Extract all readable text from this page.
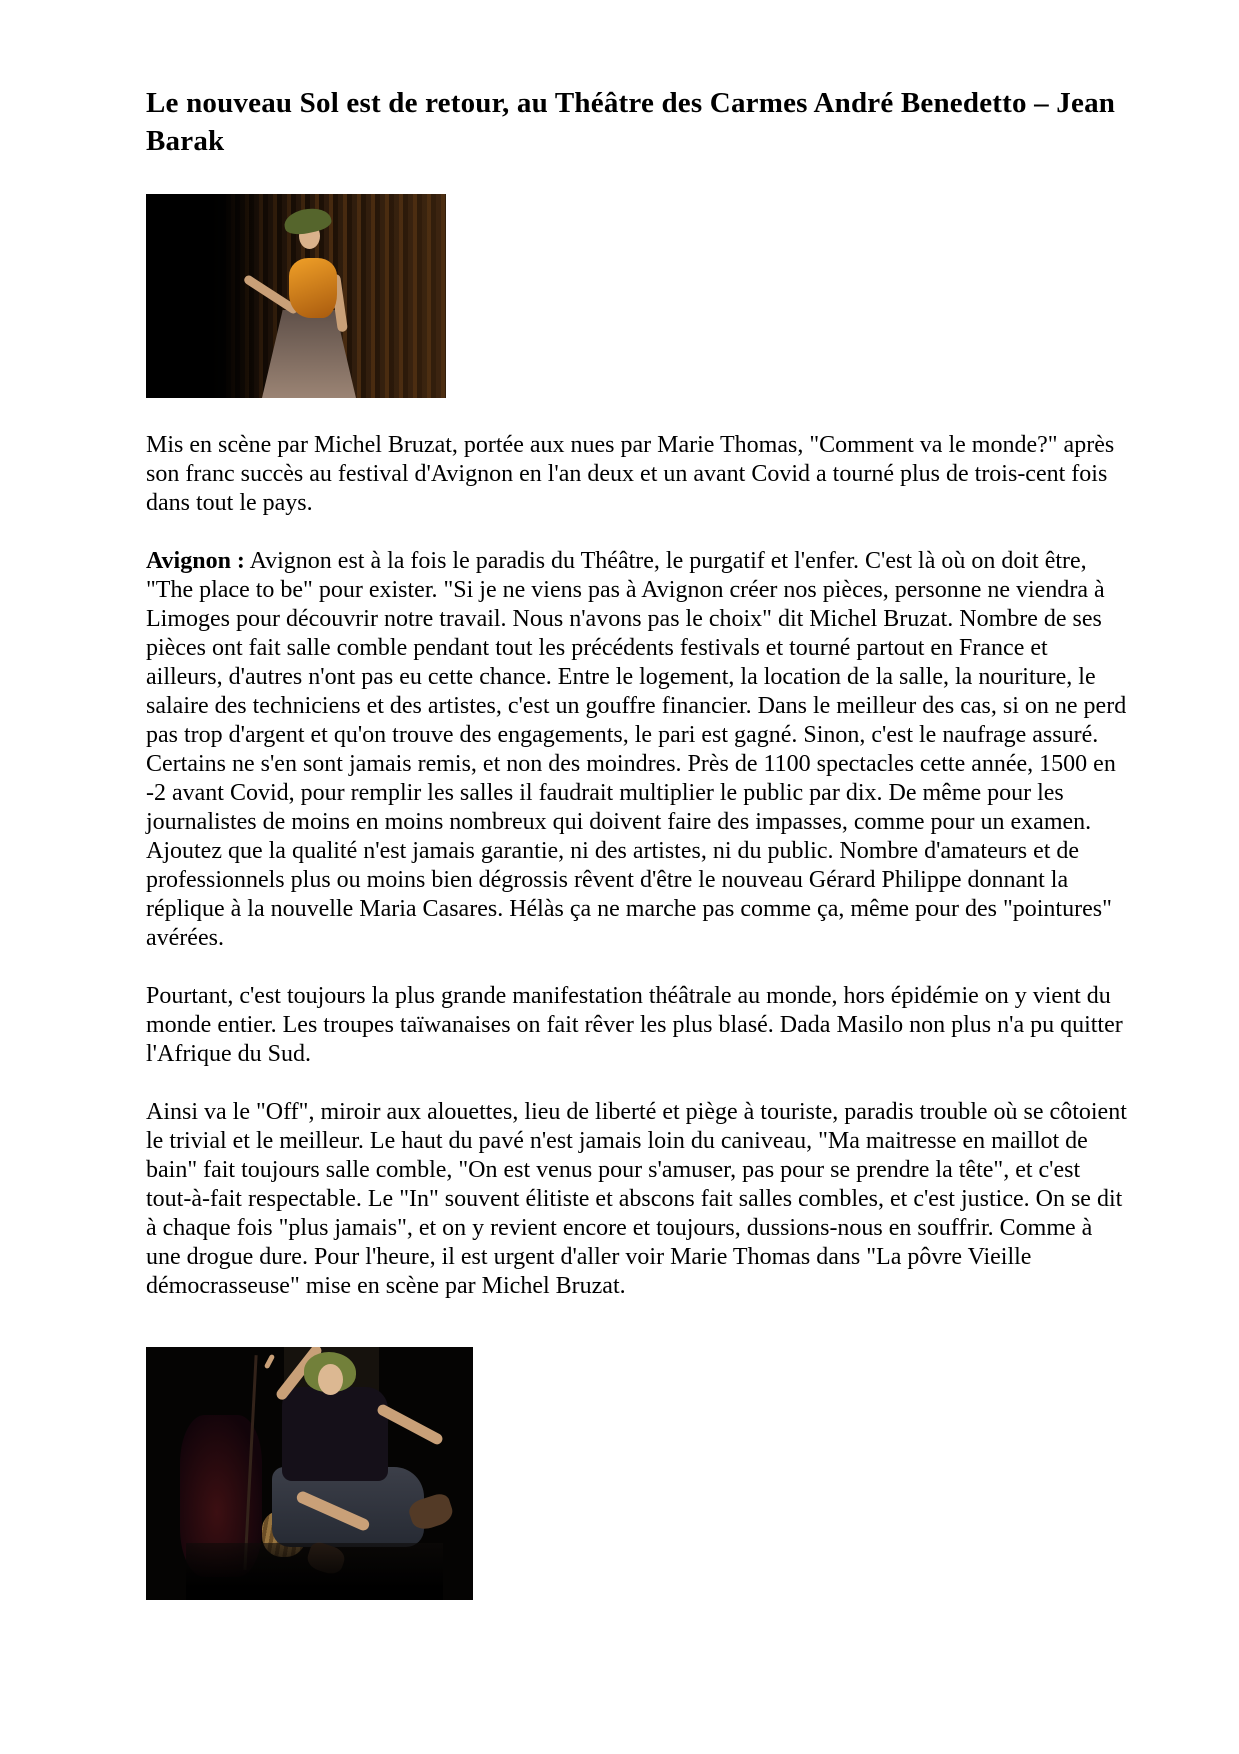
Le nouveau Sol est de retour, au Théâtre des Carmes André Benedetto – Jean Barak

Mis en scène par Michel Bruzat, portée aux nues par Marie Thomas, "Comment va le monde?" après son franc succès au festival d'Avignon en l'an deux et un avant Covid a tourné plus de trois-cent fois dans tout le pays.

Avignon : Avignon est à la fois le paradis du Théâtre, le purgatif et l'enfer. C'est là où on doit être, "The place to be" pour exister. "Si je ne viens pas à Avignon créer nos pièces, personne ne viendra à Limoges pour découvrir notre travail. Nous n'avons pas le choix" dit Michel Bruzat. Nombre de ses pièces ont fait salle comble pendant tout les précédents festivals et tourné partout en France et ailleurs, d'autres n'ont pas eu cette chance. Entre le logement, la location de la salle, la nouriture, le salaire des techniciens et des artistes, c'est un gouffre financier. Dans le meilleur des cas, si on ne perd pas trop d'argent et qu'on trouve des engagements, le pari est gagné. Sinon, c'est le naufrage assuré. Certains ne s'en sont jamais remis, et non des moindres. Près de 1100 spectacles cette année, 1500 en -2 avant Covid, pour remplir les salles il faudrait multiplier le public par dix. De même pour les journalistes de moins en moins nombreux qui doivent faire des impasses, comme pour un examen. Ajoutez que la qualité n'est jamais garantie, ni des artistes, ni du public. Nombre d'amateurs et de professionnels plus ou moins bien dégrossis rêvent d'être le nouveau Gérard Philippe donnant la réplique à la nouvelle Maria Casares. Hélàs ça ne marche pas comme ça, même pour des "pointures" avérées.

Pourtant, c'est toujours la plus grande manifestation théâtrale au monde, hors épidémie on y vient du monde entier. Les troupes taïwanaises on fait rêver les plus blasé. Dada Masilo non plus n'a pu quitter l'Afrique du Sud.

Ainsi va le "Off", miroir aux alouettes, lieu de liberté et piège à touriste, paradis trouble où se côtoient le trivial et le meilleur. Le haut du pavé n'est jamais loin du caniveau, "Ma maitresse en maillot de bain" fait toujours salle comble, "On est venus pour s'amuser, pas pour se prendre la tête", et c'est tout-à-fait respectable. Le "In" souvent élitiste et abscons fait salles combles, et c'est justice. On se dit à chaque fois "plus jamais", et on y revient encore et toujours, dussions-nous en souffrir. Comme à une drogue dure. Pour l'heure, il est urgent d'aller voir Marie Thomas dans "La pôvre Vieille démocrasseuse" mise en scène par Michel Bruzat.
